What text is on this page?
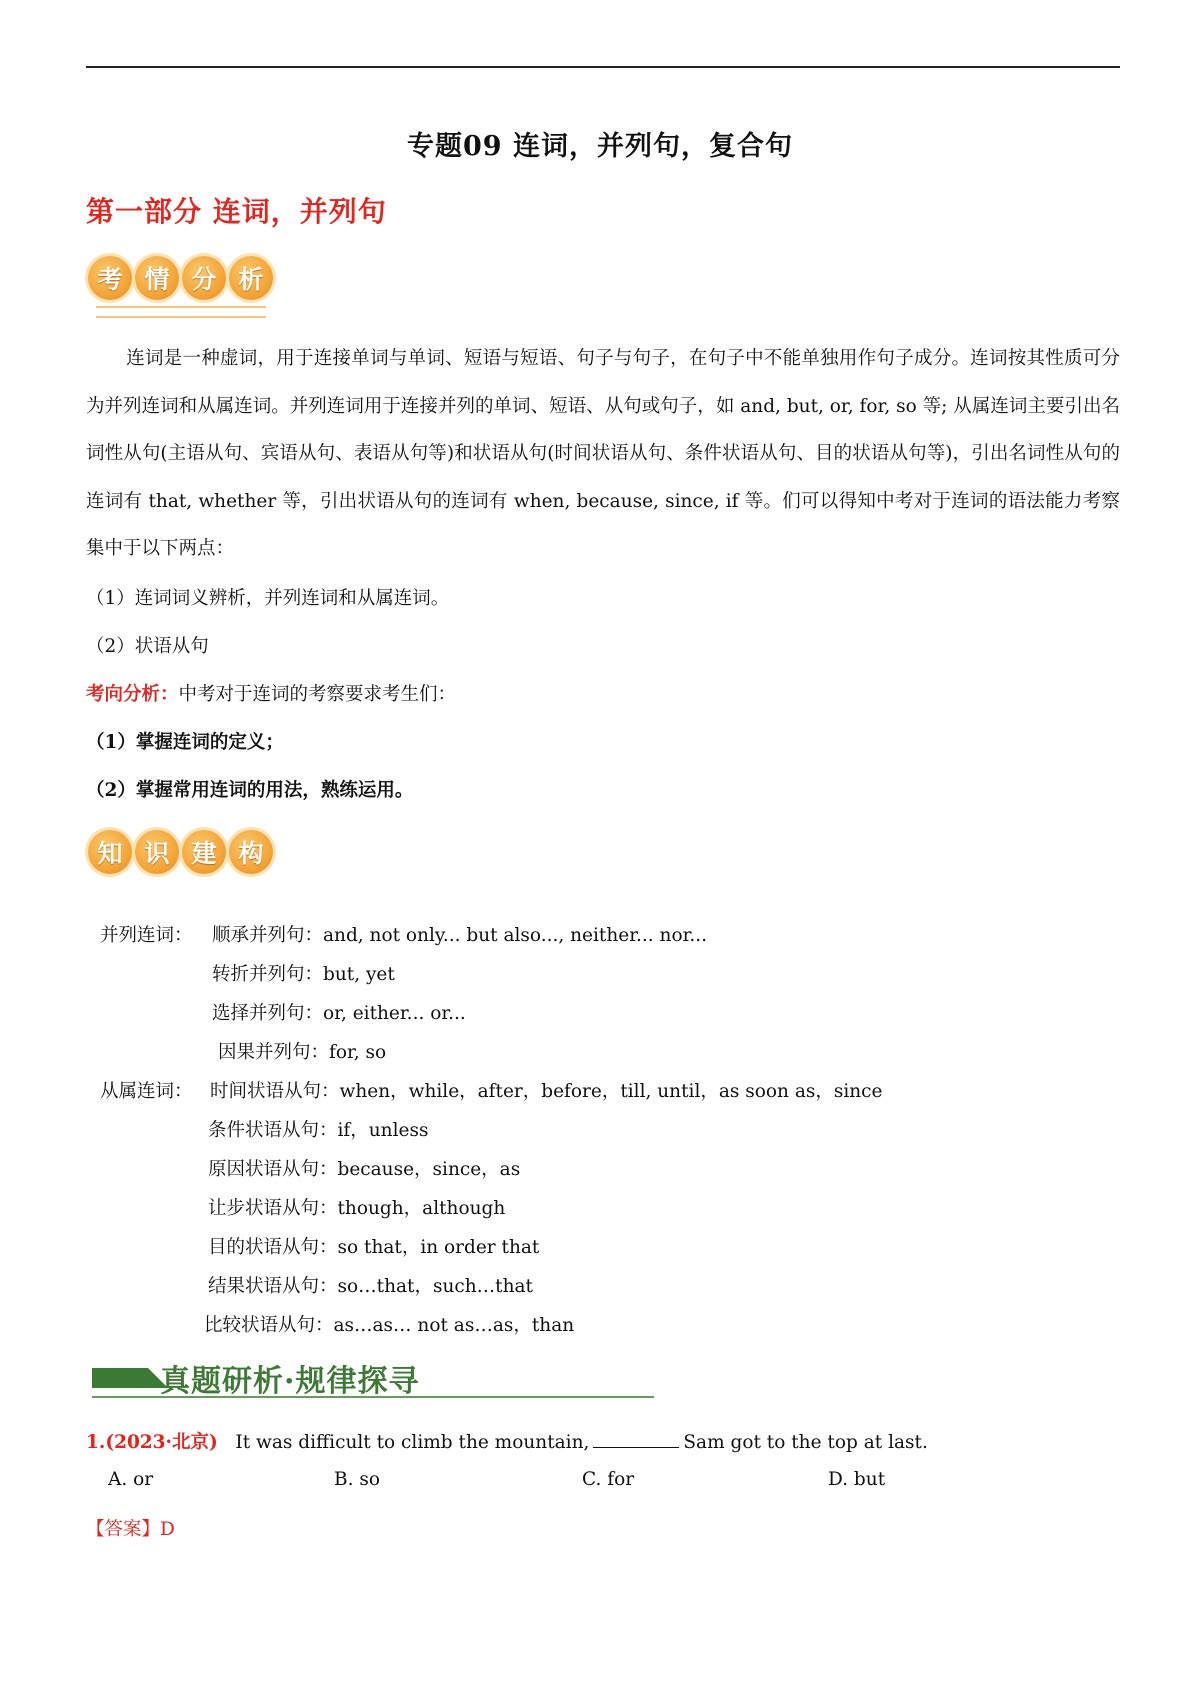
专题09 连词，并列句，复合句
第一部分 连词，并列句
考 情 分 析
连词是一种虚词，用于连接单词与单词、短语与短语、句子与句子，在句子中不能单独用作句子成分。连词按其性质可分为并列连词和从属连词。并列连词用于连接并列的单词、短语、从句或句子，如 and, but, or, for, so 等; 从属连词主要引出名词性从句(主语从句、宾语从句、表语从句等)和状语从句(时间状语从句、条件状语从句、目的状语从句等)，引出名词性从句的连词有 that, whether 等，引出状语从句的连词有 when, because, since, if 等。们可以得知中考对于连词的语法能力考察集中于以下两点：
（1）连词词义辨析，并列连词和从属连词。
（2）状语从句
考向分析：中考对于连词的考察要求考生们：
（1）掌握连词的定义；
（2）掌握常用连词的用法，熟练运用。
知 识 建 构
并列连词： 顺承并列句：and, not only... but also..., neither... nor...
转折并列句：but, yet
选择并列句：or, either... or...
因果并列句：for, so
从属连词： 时间状语从句：when，while，after，before，till, until，as soon as，since
条件状语从句：if，unless
原因状语从句：because，since，as
让步状语从句：though，although
目的状语从句：so that，in order that
结果状语从句：so…that，such…that
比较状语从句：as…as… not as…as，than
真题研析·规律探寻
1.(2023·北京) It was difficult to climb the mountain,	Sam got to the top at last.
A. or	B. so	C. for	D. but
【答案】D
